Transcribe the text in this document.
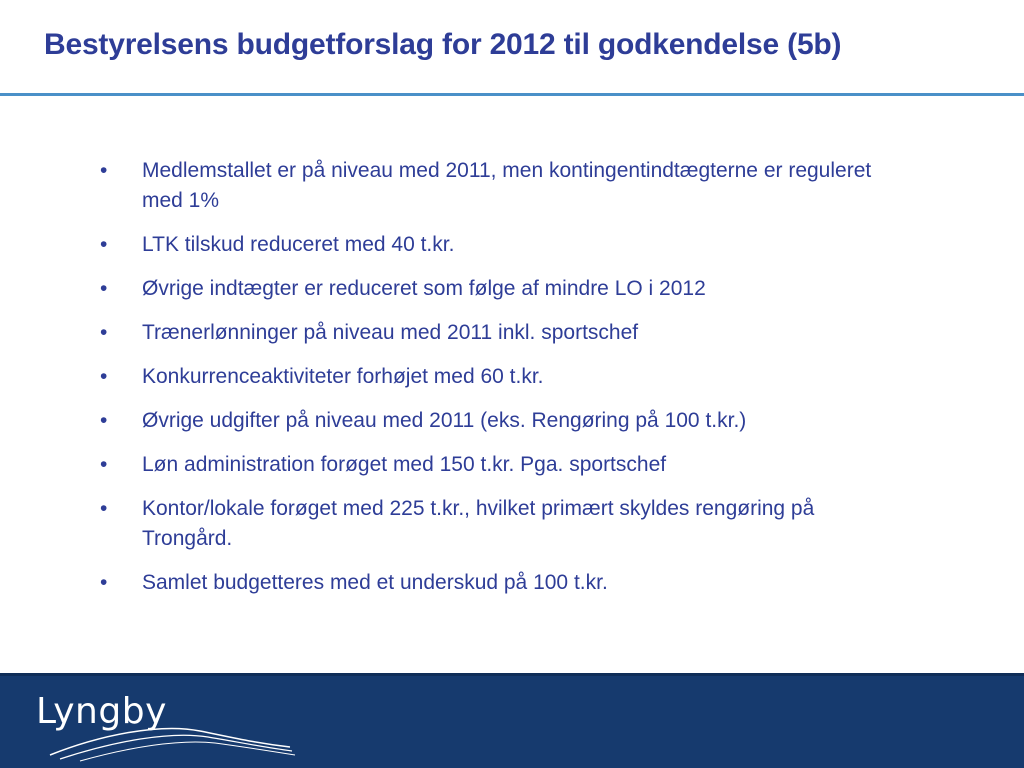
Bestyrelsens budgetforslag for 2012 til godkendelse (5b)
•	Medlemstallet er på niveau med 2011, men kontingentindtægterne er reguleret med 1%
•	LTK tilskud reduceret med 40 t.kr.
•	Øvrige indtægter er reduceret som følge af mindre LO i 2012
•	Trænerlønninger på niveau med 2011 inkl. sportschef
•	Konkurrenceaktiviteter forhøjet med 60 t.kr.
•	Øvrige udgifter på niveau med 2011 (eks. Rengøring på 100 t.kr.)
•	Løn administration forøget med 150 t.kr. Pga. sportschef
•	Kontor/lokale forøget med 225 t.kr., hvilket primært skyldes rengøring på Trongård.
•	Samlet budgetteres med et underskud på 100 t.kr.
Lyngby
